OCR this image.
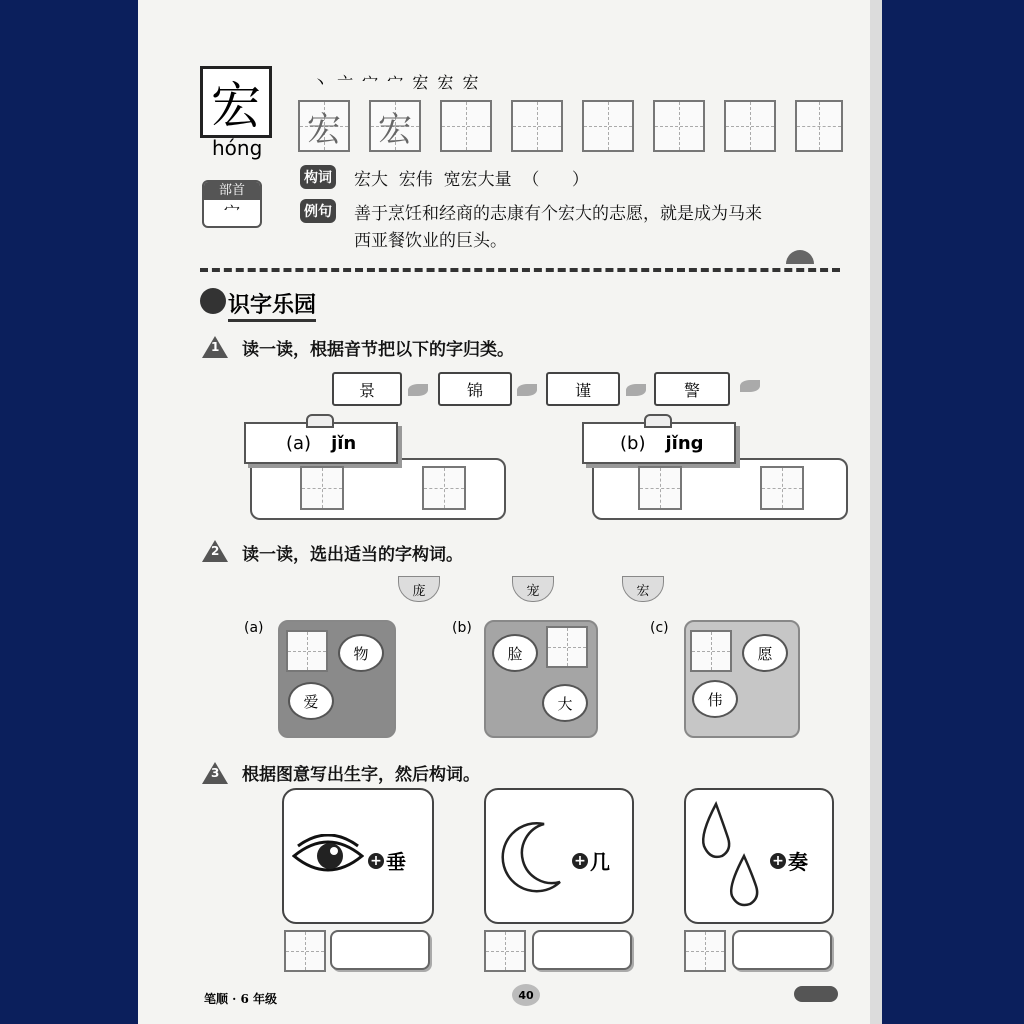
宏
hóng
丶 亠 宀 宀 宏 宏 宏
部首
宀
宏 宏
构词 宏大  宏伟  宽宏大量  （      ）
例句 善于烹饪和经商的志康有个宏大的志愿，就是成为马来
西亚餐饮业的巨头。
识字乐园
1 读一读，根据音节把以下的字归类。
景	锦	谨	警
(a) jǐn	(b) jǐng
2 读一读，选出适当的字构词。
庞	宠	宏
(a)
物
爱
(b)
脸
大
(c)
愿
伟
3 根据图意写出生字，然后构词。
+ 垂	+ 几	+ 奏
笔顺 · 6 年级	40
